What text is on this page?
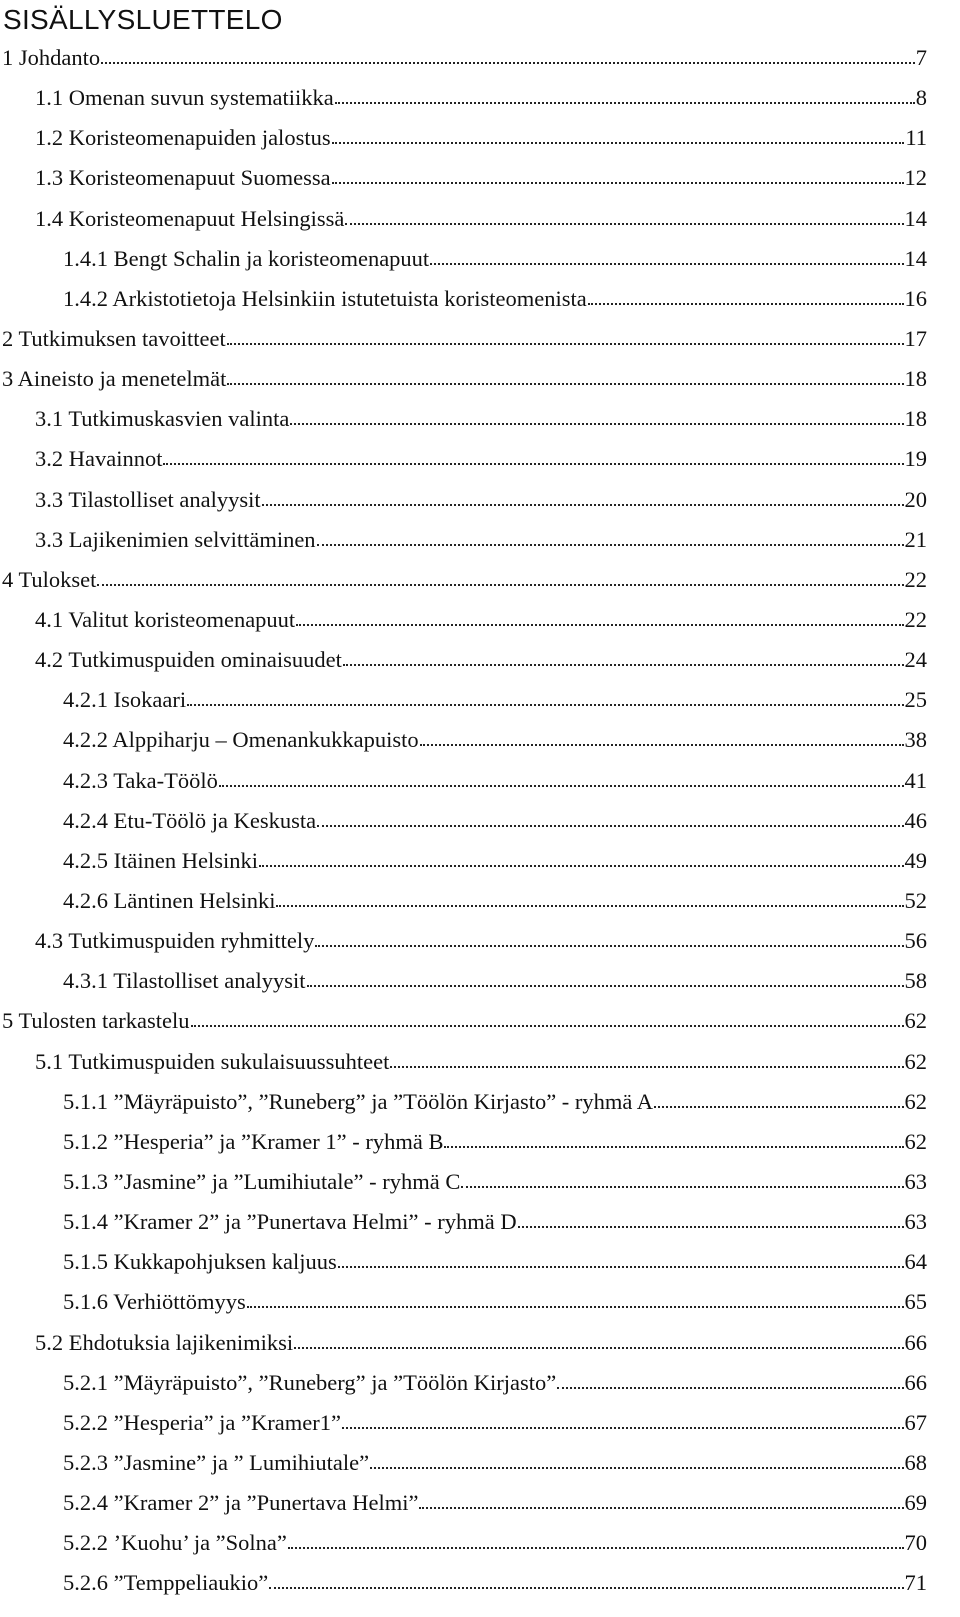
SISÄLLYSLUETTELO
1 Johdanto	7
1.1 Omenan suvun systematiikka	8
1.2 Koristeomenapuiden jalostus	11
1.3 Koristeomenapuut Suomessa	12
1.4 Koristeomenapuut Helsingissä	14
1.4.1 Bengt Schalin ja koristeomenapuut	14
1.4.2 Arkistotietoja Helsinkiin istutetuista koristeomenista	16
2 Tutkimuksen tavoitteet	17
3 Aineisto ja menetelmät	18
3.1 Tutkimuskasvien valinta	18
3.2 Havainnot	19
3.3 Tilastolliset analyysit	20
3.3 Lajikenimien selvittäminen	21
4 Tulokset	22
4.1 Valitut koristeomenapuut	22
4.2 Tutkimuspuiden ominaisuudet	24
4.2.1 Isokaari	25
4.2.2 Alppiharju – Omenankukkapuisto	38
4.2.3 Taka-Töölö	41
4.2.4 Etu-Töölö ja Keskusta	46
4.2.5 Itäinen Helsinki	49
4.2.6 Läntinen Helsinki	52
4.3 Tutkimuspuiden ryhmittely	56
4.3.1 Tilastolliset analyysit	58
5 Tulosten tarkastelu	62
5.1 Tutkimuspuiden sukulaisuussuhteet	62
5.1.1 ”Mäyräpuisto”, ”Runeberg” ja ”Töölön Kirjasto” - ryhmä A	62
5.1.2 ”Hesperia” ja ”Kramer 1” - ryhmä B	62
5.1.3 ”Jasmine” ja ”Lumihiutale” - ryhmä C	63
5.1.4 ”Kramer 2” ja ”Punertava Helmi” - ryhmä D	63
5.1.5 Kukkapohjuksen kaljuus	64
5.1.6 Verhiöttömyys	65
5.2 Ehdotuksia lajikenimiksi	66
5.2.1 ”Mäyräpuisto”, ”Runeberg” ja ”Töölön Kirjasto”	66
5.2.2 ”Hesperia” ja ”Kramer1”	67
5.2.3 ”Jasmine” ja ” Lumihiutale”	68
5.2.4 ”Kramer 2” ja ”Punertava Helmi”	69
5.2.2 ’Kuohu’ ja ”Solna”	70
5.2.6 ”Temppeliaukio”	71
